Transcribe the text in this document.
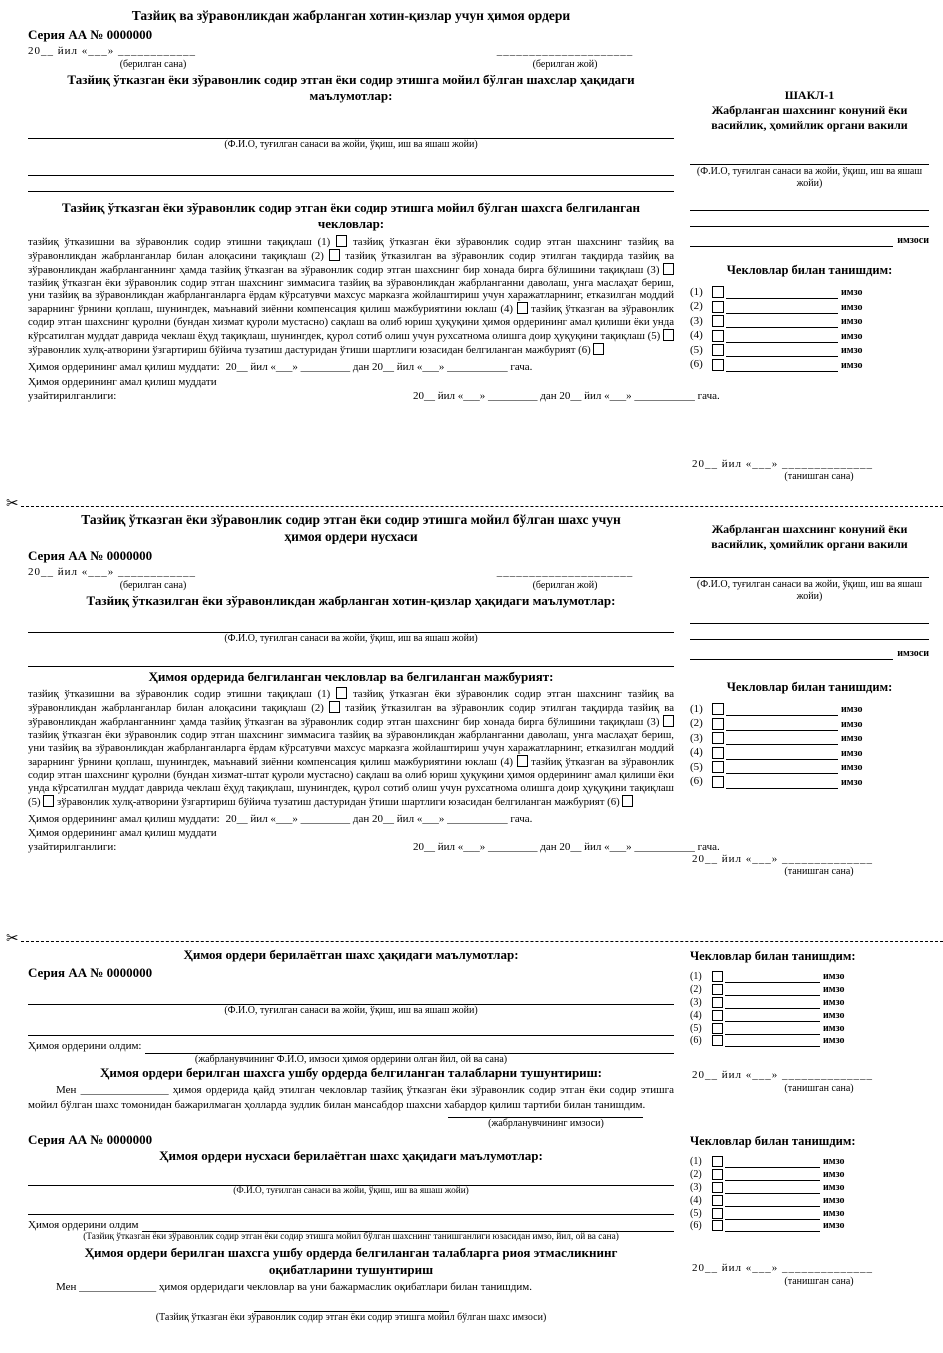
Тазйиқ ва зўравонликдан жабрланган хотин-қизлар учун ҳимоя ордери
Серия АА № 0000000
20__ йил «___» ____________
(берилган сана)
_____________________
(берилган жой)
Тазйиқ ўтказган ёки зўравонлик содир этган ёки содир этишга мойил бўлган шахслар ҳақидаги маълумотлар:
(Ф.И.О, туғилган санаси ва жойи, ўқиш, иш ва яшаш жойи)
Тазйиқ ўтказган ёки зўравонлик содир этган ёки содир этишга мойил бўлган шахсга белгиланган чекловлар:
тазйиқ ўтказишни ва зўравонлик содир этишни тақиқлаш (1)  тазйиқ ўтказган ёки зўравонлик содир этган шахснинг тазйиқ ва зўравонликдан жабрланганлар билан алоқасини тақиқлаш (2)  тазйиқ ўтказилган ва зўравонлик содир этилган тақдирда тазйиқ ва зўравонликдан жабрланганнинг ҳамда тазйиқ ўтказган ва зўравонлик содир этган шахснинг бир хонада бирга бўлишини тақиқлаш (3)  тазйиқ ўтказган ёки зўравонлик содир этган шахснинг зиммасига тазйиқ ва зўравонликдан жабрланганни даволаш, унга маслаҳат бериш, уни тазйиқ ва зўравонликдан жабрланганларга ёрдам кўрсатувчи махсус марказга жойлаштириш учун харажатларнинг, етказилган моддий зарарнинг ўрнини қоплаш, шунингдек, маънавий зиённи компенсация қилиш мажбуриятини юклаш (4)  тазйиқ ўтказган ва зўравонлик содир этган шахснинг қуролни (бундан хизмат қуроли мустасно) сақлаш ва олиб юриш ҳуқуқини ҳимоя ордерининг амал қилиши ёки унда кўрсатилган муддат даврида чеклаш ёҳуд тақиқлаш, шунингдек, қурол сотиб олиш учун рухсатнома олишга доир ҳуқуқини тақиқлаш (5)  зўравонлик хулқ-атворини ўзгартириш бўйича тузатиш дастуридан ўтиши шартлиги юзасидан белгиланган мажбурият (6)
Ҳимоя ордерининг амал қилиш муддати: 20__ йил «___» _________ дан 20__ йил «___» ___________ гача.
Ҳимоя ордерининг амал қилиш муддати
узайтирилганлиги:	20__ йил «___» _________ дан 20__ йил «___» ___________ гача.
ШАКЛ-1
Жабрланган шахснинг конуний ёки васийлик, ҳомийлик органи вакили
(Ф.И.О, туғилган санаси ва жойи, ўқиш, иш ва яшаш жойи)
имзоси
Чекловлар билан танишдим:
(1)	имзо
(2)	имзо
(3)	имзо
(4)	имзо
(5)	имзо
(6)	имзо
20__ йил «___» ______________
(танишган сана)
✂
Тазйиқ ўтказган ёки зўравонлик содир этган ёки содир этишга мойил бўлган шахс учун ҳимоя ордери нусхаси
Серия АА № 0000000
20__ йил «___» ____________
(берилган сана)
_____________________
(берилган жой)
Тазйиқ ўтказилган ёки зўравонликдан жабрланган хотин-қизлар ҳақидаги маълумотлар:
(Ф.И.О, туғилган санаси ва жойи, ўқиш, иш ва яшаш жойи)
Ҳимоя ордерида белгиланган чекловлар ва белгиланган мажбурият:
тазйиқ ўтказишни ва зўравонлик содир этишни тақиқлаш (1)  тазйиқ ўтказган ёки зўравонлик содир этган шахснинг тазйиқ ва зўравонликдан жабрланганлар билан алоқасини тақиқлаш (2)  тазйиқ ўтказилган ва зўравонлик содир этилган тақдирда тазйиқ ва зўравонликдан жабрланганнинг ҳамда тазйиқ ўтказган ва зўравонлик содир этган шахснинг бир хонада бирга бўлишини тақиқлаш (3)  тазйиқ ўтказган ёки зўравонлик содир этган шахснинг зиммасига тазйиқ ва зўравонликдан жабрланганни даволаш, унга маслаҳат бериш, уни тазйиқ ва зўравонликдан жабрланганларга ёрдам кўрсатувчи махсус марказга жойлаштириш учун харажатларнинг, етказилган моддий зарарнинг ўрнини қоплаш, шунингдек, маънавий зиённи компенсация қилиш мажбуриятини юклаш (4)  тазйиқ ўтказган ва зўравонлик содир этган шахснинг қуролни (бундан хизмат-штат қуроли мустасно) сақлаш ва олиб юриш ҳуқуқини ҳимоя ордерининг амал қилиши ёки унда кўрсатилган муддат даврида чеклаш ёҳуд тақиқлаш, шунингдек, қурол сотиб олиш учун рухсатнома олишга доир ҳуқуқини тақиқлаш (5)  зўравонлик хулқ-атворини ўзгартириш бўйича тузатиш дастуридан ўтиши шартлиги юзасидан белгиланган мажбурият (6)
Ҳимоя ордерининг амал қилиш муддати: 20__ йил «___» _________ дан 20__ йил «___» ___________ гача.
Ҳимоя ордерининг амал қилиш муддати
узайтирилганлиги:	20__ йил «___» _________ дан 20__ йил «___» ___________ гача.
Жабрланган шахснинг конуний ёки васийлик, ҳомийлик органи вакили
(Ф.И.О, туғилган санаси ва жойи, ўқиш, иш ва яшаш жойи)
имзоси
Чекловлар билан танишдим:
(1)	имзо
(2)	имзо
(3)	имзо
(4)	имзо
(5)	имзо
(6)	имзо
20__ йил «___» ______________
(танишган сана)
✂
Ҳимоя ордери берилаётган шахс ҳақидаги маълумотлар:
Серия АА № 0000000
(Ф.И.О, туғилган санаси ва жойи, ўқиш, иш ва яшаш жойи)
Ҳимоя ордерини олдим:
(жабрланувчининг Ф.И.О, имзоси ҳимоя ордерини олган йил, ой ва сана)
Ҳимоя ордери берилган шахсга ушбу ордерда белгиланган талабларни тушунтириш:
Мен ________________ ҳимоя ордерида қайд этилган чекловлар тазйиқ ўтказган ёки зўравонлик содир этган ёки содир этишга мойил бўлган шахс томонидан бажарилмаган ҳолларда зудлик билан мансабдор шахсни хабардор қилиш тартиби билан танишдим.
(жабрланувчининг имзоси)
Чекловлар билан танишдим:
(1)	имзо
(2)	имзо
(3)	имзо
(4)	имзо
(5)	имзо
(6)	имзо
20__ йил «___» ______________
(танишган сана)
Серия АА № 0000000
Ҳимоя ордери нусхаси берилаётган шахс ҳақидаги маълумотлар:
(Ф.И.О, туғилган санаси ва жойи, ўқиш, иш ва яшаш жойи)
Ҳимоя ордерини олдим
(Тазйиқ ўтказган ёки зўравонлик содир этган ёки содир этишга мойил бўлган шахснинг танишганлиги юзасидан имзо, йил, ой ва сана)
Ҳимоя ордери берилган шахсга ушбу ордерда белгиланган талабларга риоя этмасликнинг оқибатларини тушунтириш
Мен ______________ ҳимоя ордеридаги чекловлар ва уни бажармаслик оқибатлари билан танишдим.
(Тазйиқ ўтказган ёки зўравонлик содир этган ёки содир этишга мойил бўлган шахс имзоси)
Чекловлар билан танишдим:
(1)	имзо
(2)	имзо
(3)	имзо
(4)	имзо
(5)	имзо
(6)	имзо
20__ йил «___» ______________
(танишган сана)
